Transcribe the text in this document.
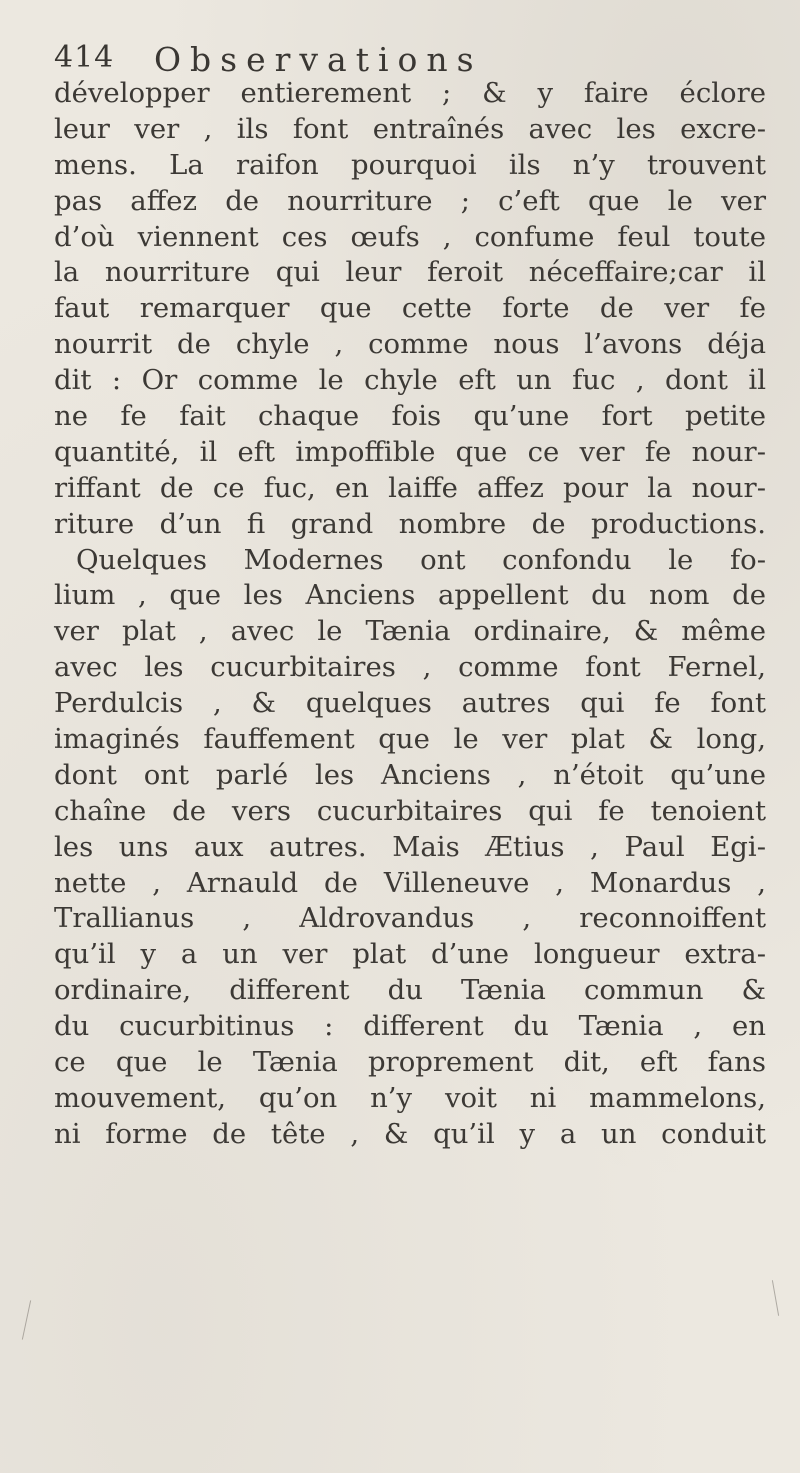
414 Observations
développer entierement ; & y faire éclore
leur ver , ils font entraînés avec les excre-
mens. La raifon pourquoi ils n’y trouvent
pas affez de nourriture ; c’eft que le ver
d’où viennent ces œufs , confume feul toute
la nourriture qui leur feroit néceffaire;car il
faut remarquer que cette forte de ver fe
nourrit de chyle , comme nous l’avons déja
dit : Or comme le chyle eft un fuc , dont il
ne fe fait chaque fois qu’une fort petite
quantité, il eft impoffible que ce ver fe nour-
riffant de ce fuc, en laiffe affez pour la nour-
riture d’un fi grand nombre de productions.
Quelques Modernes ont confondu le fo-
lium , que les Anciens appellent du nom de
ver plat , avec le Tænia ordinaire, & même
avec les cucurbitaires , comme font Fernel,
Perdulcis , & quelques autres qui fe font
imaginés fauffement que le ver plat & long,
dont ont parlé les Anciens , n’étoit qu’une
chaîne de vers cucurbitaires qui fe tenoient
les uns aux autres. Mais Ætius , Paul Egi-
nette , Arnauld de Villeneuve , Monardus ,
Trallianus , Aldrovandus , reconnoiffent
qu’il y a un ver plat d’une longueur extra-
ordinaire, different du Tænia commun &
du cucurbitinus : different du Tænia , en
ce que le Tænia proprement dit, eft fans
mouvement, qu’on n’y voit ni mammelons,
ni forme de tête , & qu’il y a un conduit
